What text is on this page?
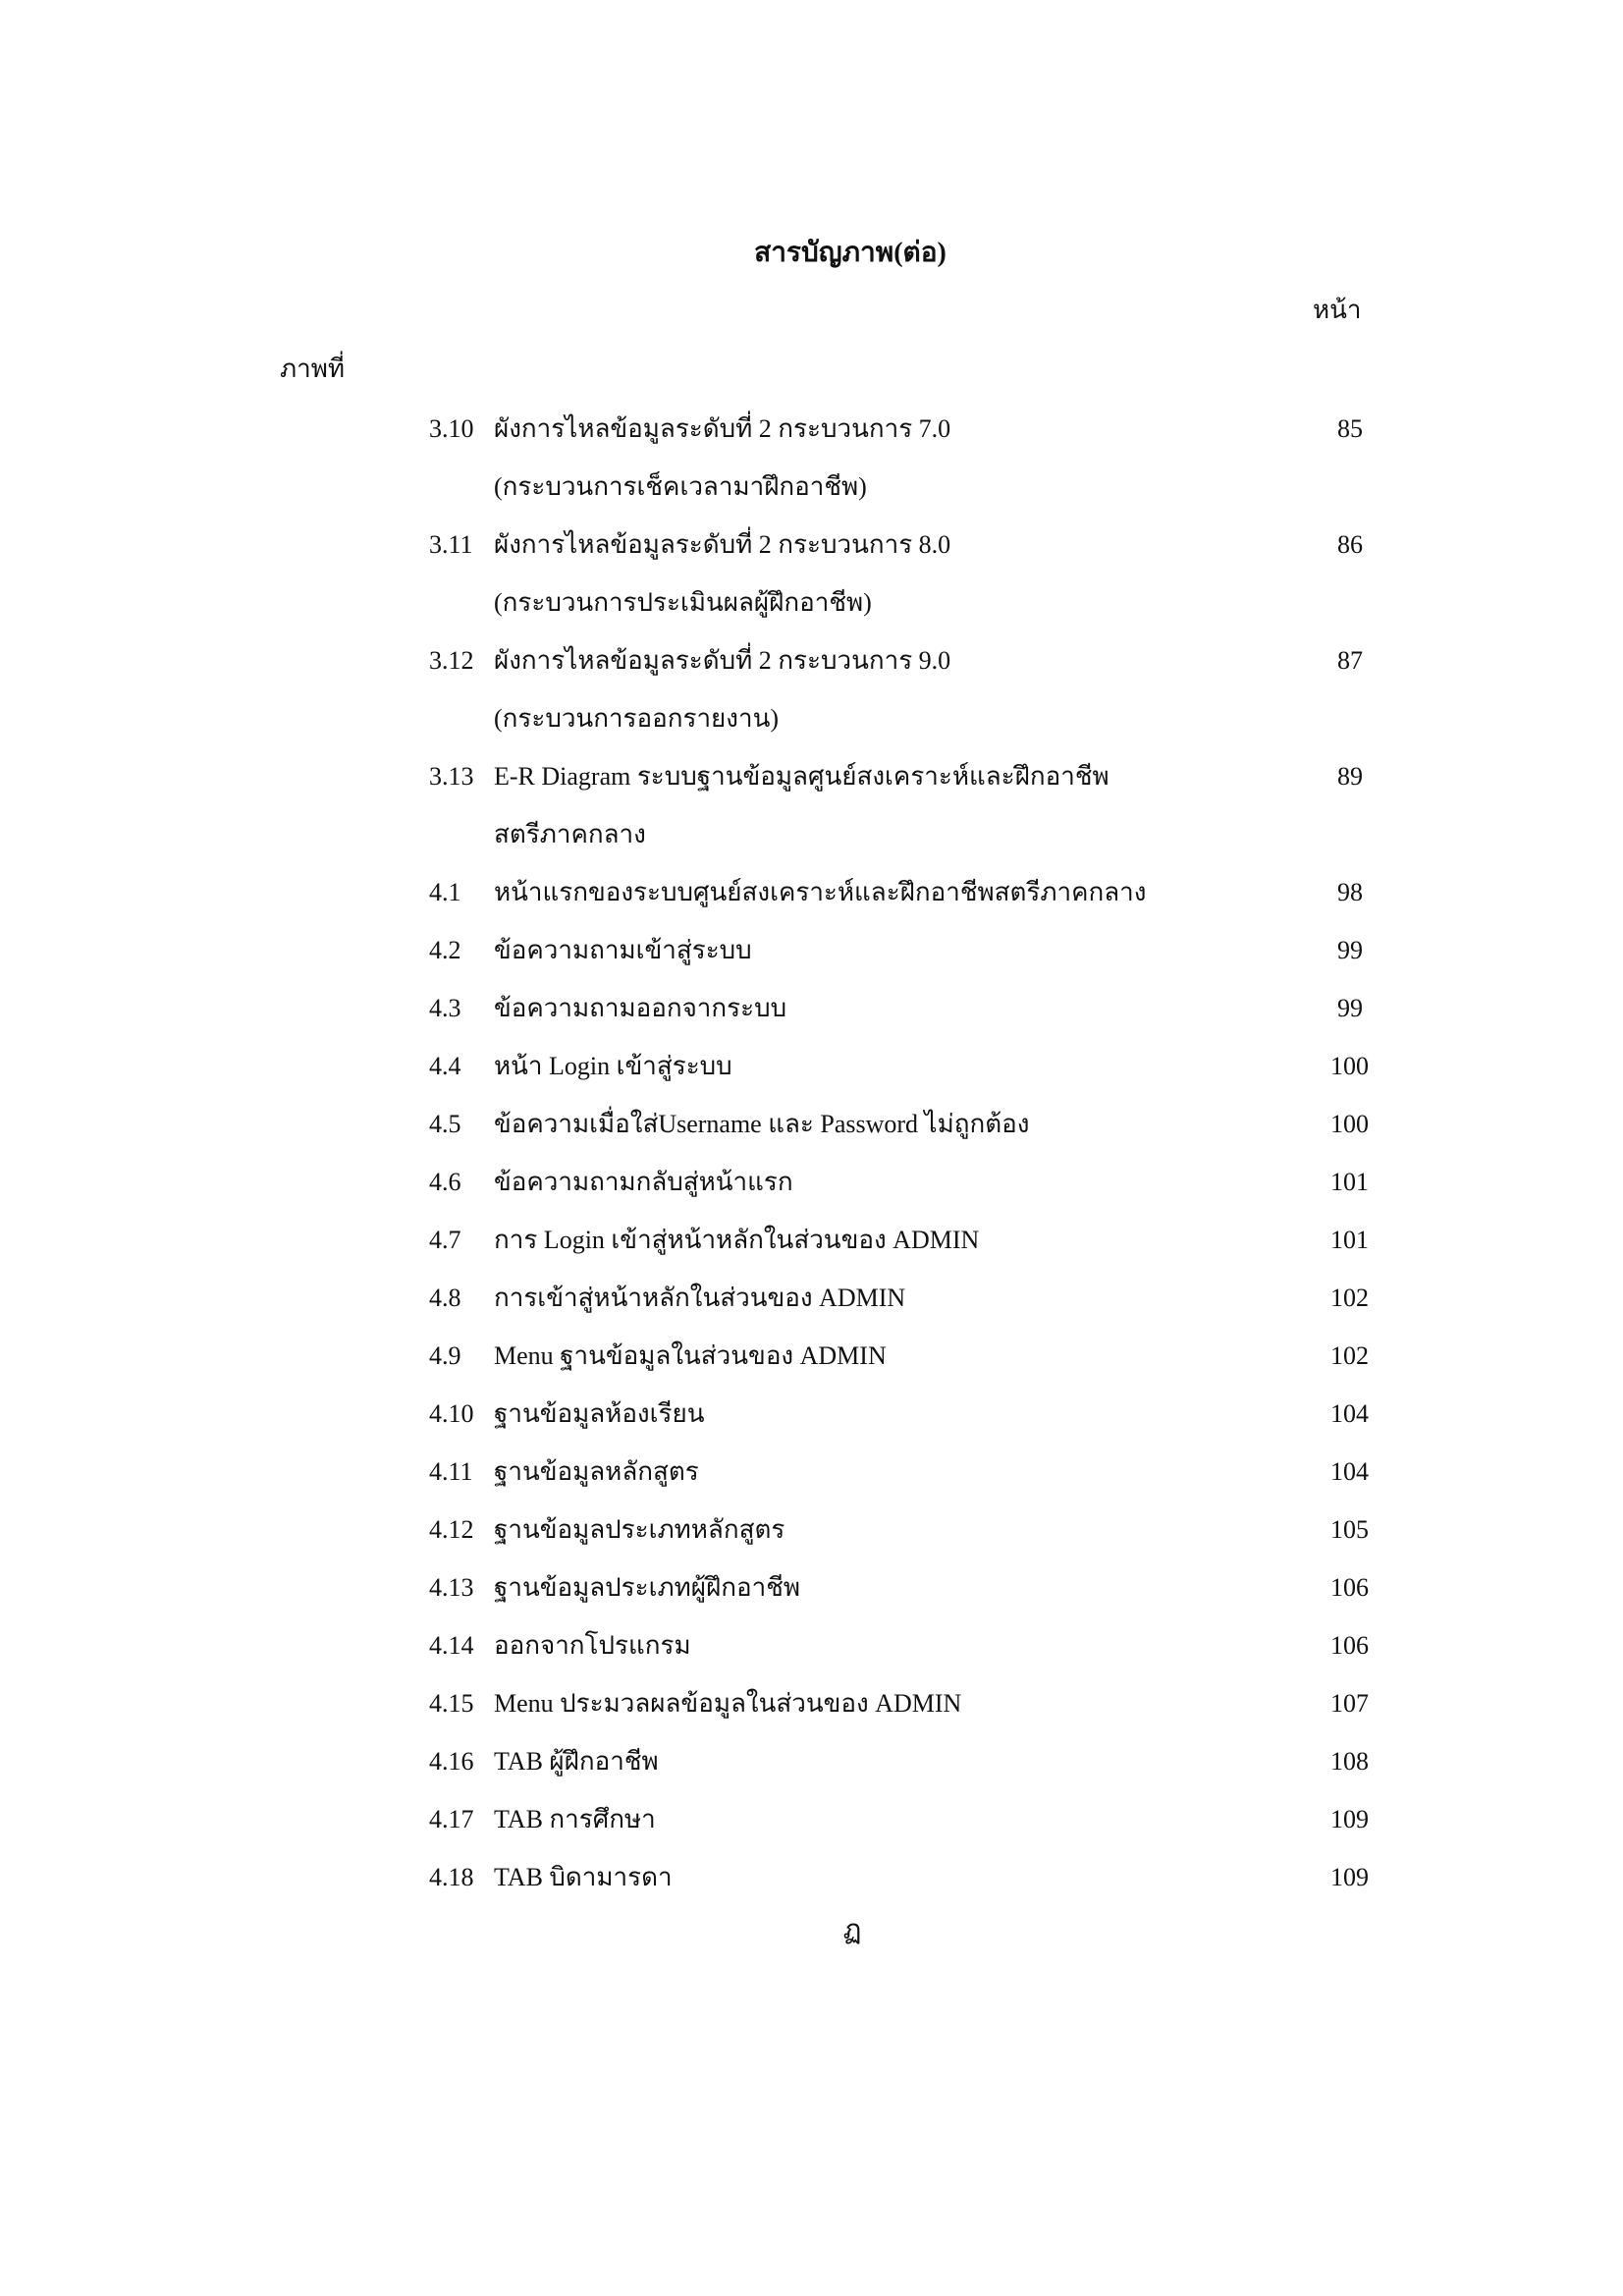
สารบัญภาพ(ต่อ)
หน้า
ภาพที่
3.10 ผังการไหลข้อมูลระดับที่ 2 กระบวนการ 7.0	85
(กระบวนการเช็คเวลามาฝึกอาชีพ)
3.11 ผังการไหลข้อมูลระดับที่ 2 กระบวนการ 8.0	86
(กระบวนการประเมินผลผู้ฝึกอาชีพ)
3.12 ผังการไหลข้อมูลระดับที่ 2 กระบวนการ 9.0	87
(กระบวนการออกรายงาน)
3.13 E-R Diagram ระบบฐานข้อมูลศูนย์สงเคราะห์และฝึกอาชีพ	89
สตรีภาคกลาง
4.1 หน้าแรกของระบบศูนย์สงเคราะห์และฝึกอาชีพสตรีภาคกลาง	98
4.2 ข้อความถามเข้าสู่ระบบ	99
4.3 ข้อความถามออกจากระบบ	99
4.4 หน้า Login เข้าสู่ระบบ	100
4.5 ข้อความเมื่อใส่Username และ Password ไม่ถูกต้อง	100
4.6 ข้อความถามกลับสู่หน้าแรก	101
4.7 การ Login เข้าสู่หน้าหลักในส่วนของ ADMIN	101
4.8 การเข้าสู่หน้าหลักในส่วนของ ADMIN	102
4.9 Menu ฐานข้อมูลในส่วนของ ADMIN	102
4.10 ฐานข้อมูลห้องเรียน	104
4.11 ฐานข้อมูลหลักสูตร	104
4.12 ฐานข้อมูลประเภทหลักสูตร	105
4.13 ฐานข้อมูลประเภทผู้ฝึกอาชีพ	106
4.14 ออกจากโปรแกรม	106
4.15 Menu ประมวลผลข้อมูลในส่วนของ ADMIN	107
4.16 TAB ผู้ฝึกอาชีพ	108
4.17 TAB การศึกษา	109
4.18 TAB บิดามารดา	109
ฏ
